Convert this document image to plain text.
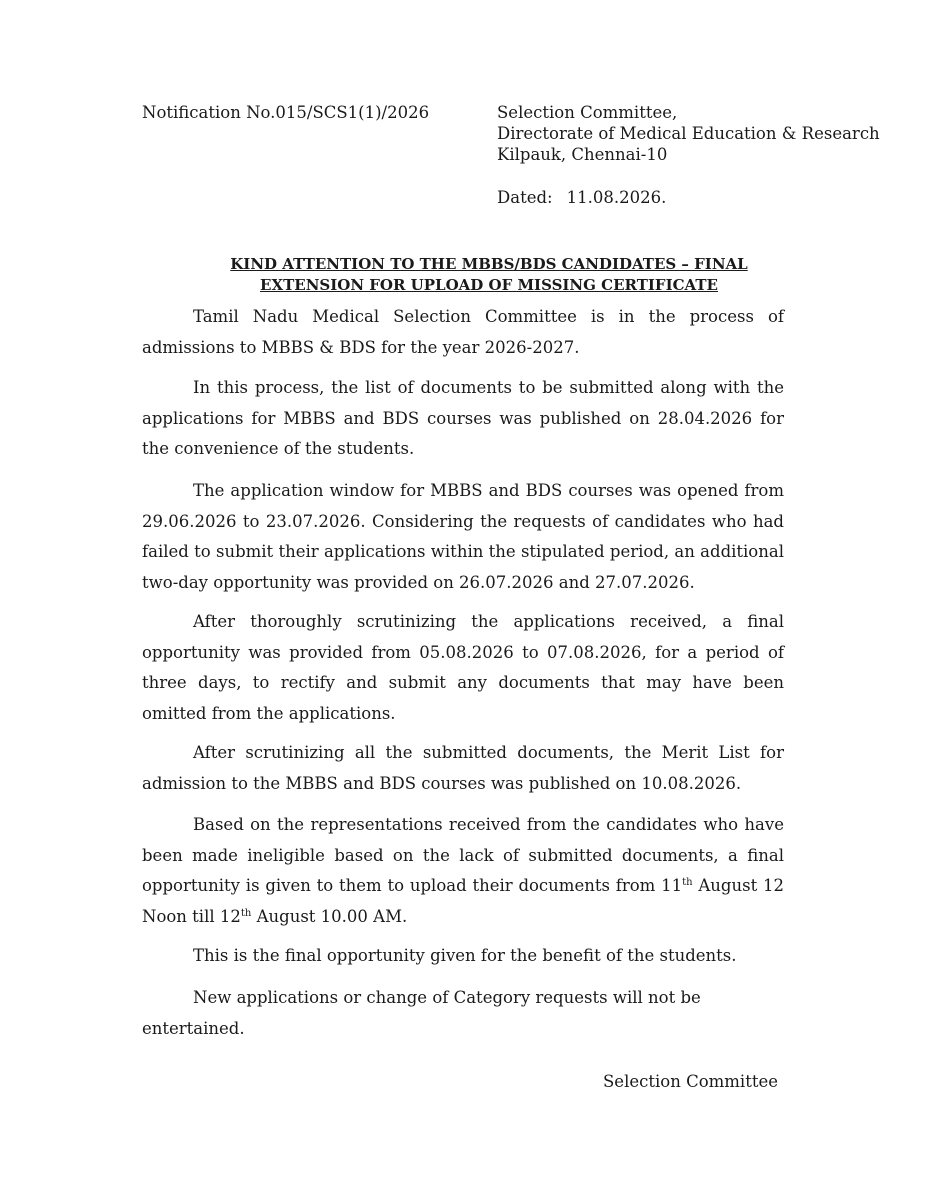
Notification No.015/SCS1(1)/2026	Selection Committee,
Directorate of Medical Education & Research
Kilpauk, Chennai-10
Dated: 11.08.2026.
KIND ATTENTION TO THE MBBS/BDS CANDIDATES – FINAL
EXTENSION FOR UPLOAD OF MISSING CERTIFICATE

Tamil Nadu Medical Selection Committee is in the process of admissions to MBBS & BDS for the year 2026-2027.

In this process, the list of documents to be submitted along with the applications for MBBS and BDS courses was published on 28.04.2026 for the convenience of the students.

The application window for MBBS and BDS courses was opened from 29.06.2026 to 23.07.2026. Considering the requests of candidates who had failed to submit their applications within the stipulated period, an additional two-day opportunity was provided on 26.07.2026 and 27.07.2026.

After thoroughly scrutinizing the applications received, a final opportunity was provided from 05.08.2026 to 07.08.2026, for a period of three days, to rectify and submit any documents that may have been omitted from the applications.

After scrutinizing all the submitted documents, the Merit List for admission to the MBBS and BDS courses was published on 10.08.2026.

Based on the representations received from the candidates who have been made ineligible based on the lack of submitted documents, a final opportunity is given to them to upload their documents from 11th August 12 Noon till 12th August 10.00 AM.

This is the final opportunity given for the benefit of the students.

New applications or change of Category requests will not be entertained.

Selection Committee
